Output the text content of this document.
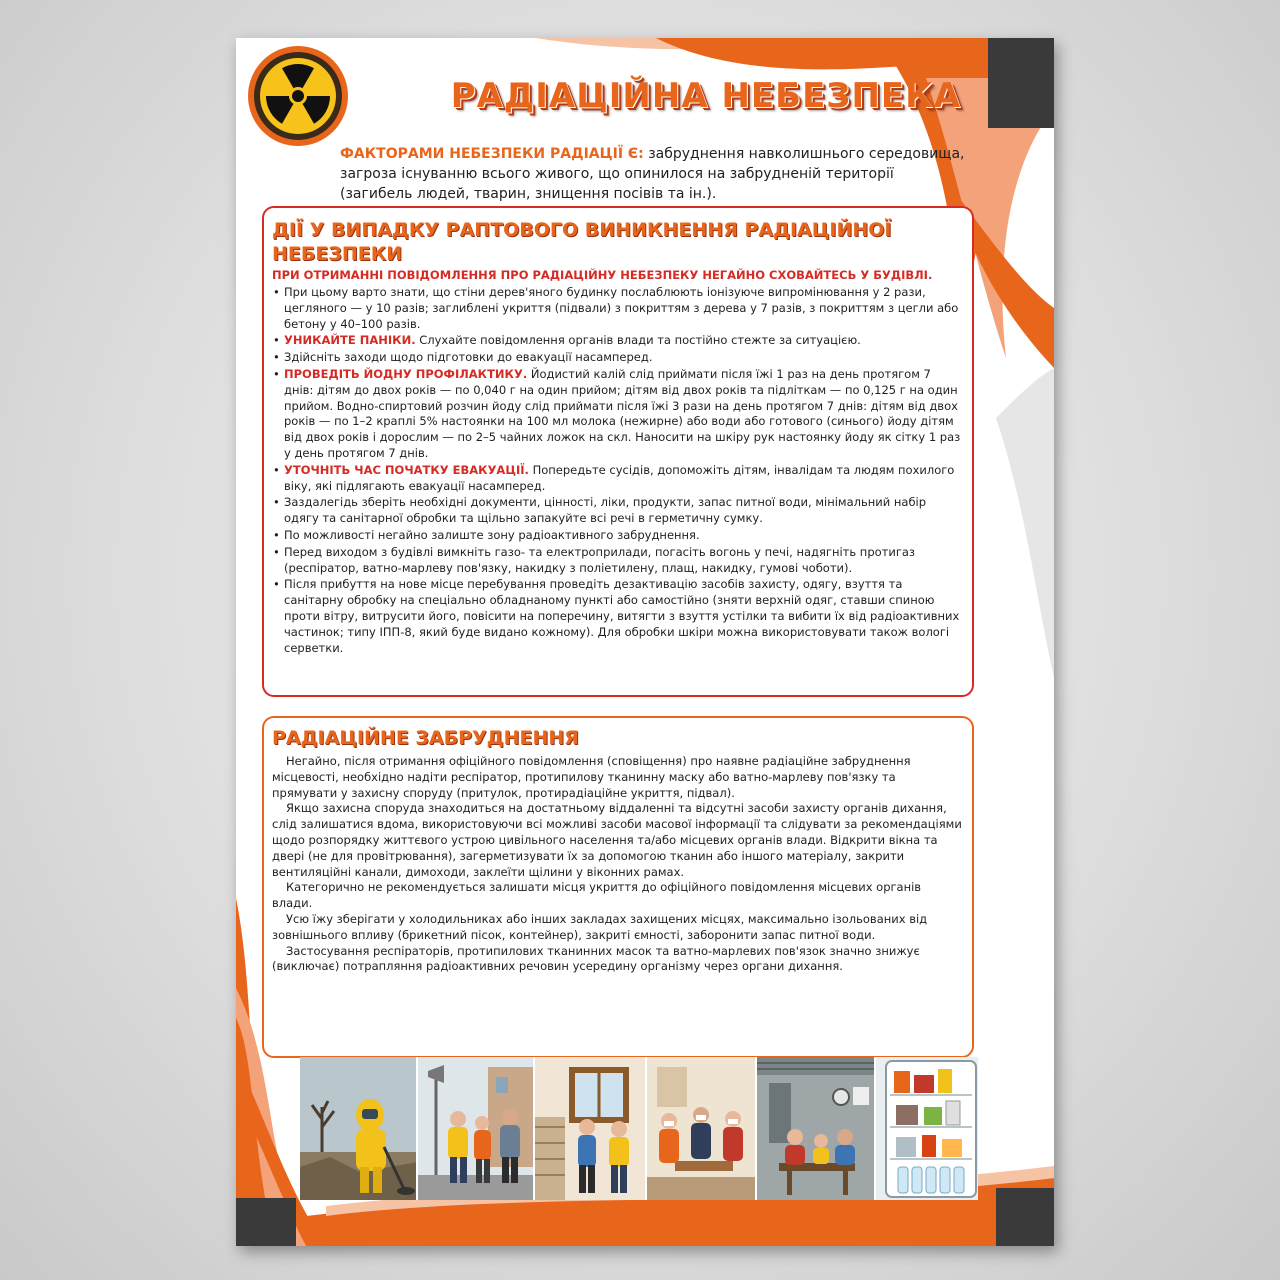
РАДІАЦІЙНА НЕБЕЗПЕКА

ФАКТОРАМИ НЕБЕЗПЕКИ РАДІАЦІЇ Є: забруднення навколишнього середовища, загроза існуванню всього живого, що опинилося на забрудненій території (загибель людей, тварин, знищення посівів та ін.).

ДІЇ У ВИПАДКУ РАПТОВОГО ВИНИКНЕННЯ РАДІАЦІЙНОЇ НЕБЕЗПЕКИ

ПРИ ОТРИМАННІ ПОВІДОМЛЕННЯ ПРО РАДІАЦІЙНУ НЕБЕЗПЕКУ НЕГАЙНО СХОВАЙТЕСЬ У БУДІВЛІ.

• При цьому варто знати, що стіни дерев'яного будинку послаблюють іонізуюче випромінювання у 2 рази, цегляного — у 10 разів; заглиблені укриття (підвали) з покриттям з дерева у 7 разів, з покриттям з цегли або бетону у 40–100 разів.
• УНИКАЙТЕ ПАНІКИ. Слухайте повідомлення органів влади та постійно стежте за ситуацією.
• Здійсніть заходи щодо підготовки до евакуації насамперед.
• ПРОВЕДІТЬ ЙОДНУ ПРОФІЛАКТИКУ. Йодистий калій слід приймати після їжі 1 раз на день протягом 7 днів: дітям до двох років — по 0,040 г на один прийом; дітям від двох років та підліткам — по 0,125 г на один прийом. Водно-спиртовий розчин йоду слід приймати після їжі 3 рази на день протягом 7 днів: дітям від двох років — по 1–2 краплі 5% настоянки на 100 мл молока (нежирне) або води або готового (синього) йоду дітям від двох років і дорослим — по 2–5 чайних ложок на скл. Наносити на шкіру рук настоянку йоду як сітку 1 раз у день протягом 7 днів.
• УТОЧНІТЬ ЧАС ПОЧАТКУ ЕВАКУАЦІЇ. Попередьте сусідів, допоможіть дітям, інвалідам та людям похилого віку, які підлягають евакуації насамперед.
• Заздалегідь зберіть необхідні документи, цінності, ліки, продукти, запас питної води, мінімальний набір одягу та санітарної обробки та щільно запакуйте всі речі в герметичну сумку.
• По можливості негайно залиште зону радіоактивного забруднення.
• Перед виходом з будівлі вимкніть газо- та електроприлади, погасіть вогонь у печі, надягніть протигаз (респіратор, ватно-марлеву пов'язку, накидку з поліетилену, плащ, накидку, гумові чоботи).
• Після прибуття на нове місце перебування проведіть дезактивацію засобів захисту, одягу, взуття та санітарну обробку на спеціально обладнаному пункті або самостійно (зняти верхній одяг, ставши спиною проти вітру, витрусити його, повісити на поперечину, витягти з взуття устілки та вибити їх від радіоактивних частинок; типу ІПП-8, який буде видано кожному). Для обробки шкіри можна використовувати також вологі серветки.
РАДІАЦІЙНЕ ЗАБРУДНЕННЯ

Негайно, після отримання офіційного повідомлення (сповіщення) про наявне радіаційне забруднення місцевості, необхідно надіти респіратор, протипилову тканинну маску або ватно-марлеву пов'язку та прямувати у захисну споруду (притулок, протирадіаційне укриття, підвал).

Якщо захисна споруда знаходиться на достатньому віддаленні та відсутні засоби захисту органів дихання, слід залишатися вдома, використовуючи всі можливі засоби масової інформації та слідувати за рекомендаціями щодо розпорядку життєвого устрою цивільного населення та/або місцевих органів влади. Відкрити вікна та двері (не для провітрювання), загерметизувати їх за допомогою тканин або іншого матеріалу, закрити вентиляційні канали, димоходи, заклеїти щілини у віконних рамах.

Категорично не рекомендується залишати місця укриття до офіційного повідомлення місцевих органів влади.

Усю їжу зберігати у холодильниках або інших закладах захищених місцях, максимально ізольованих від зовнішнього впливу (брикетний пісок, контейнер), закриті ємності, заборонити запас питної води.

Застосування респіраторів, протипилових тканинних масок та ватно-марлевих пов'язок значно знижує (виключає) потрапляння радіоактивних речовин усередину організму через органи дихання.
